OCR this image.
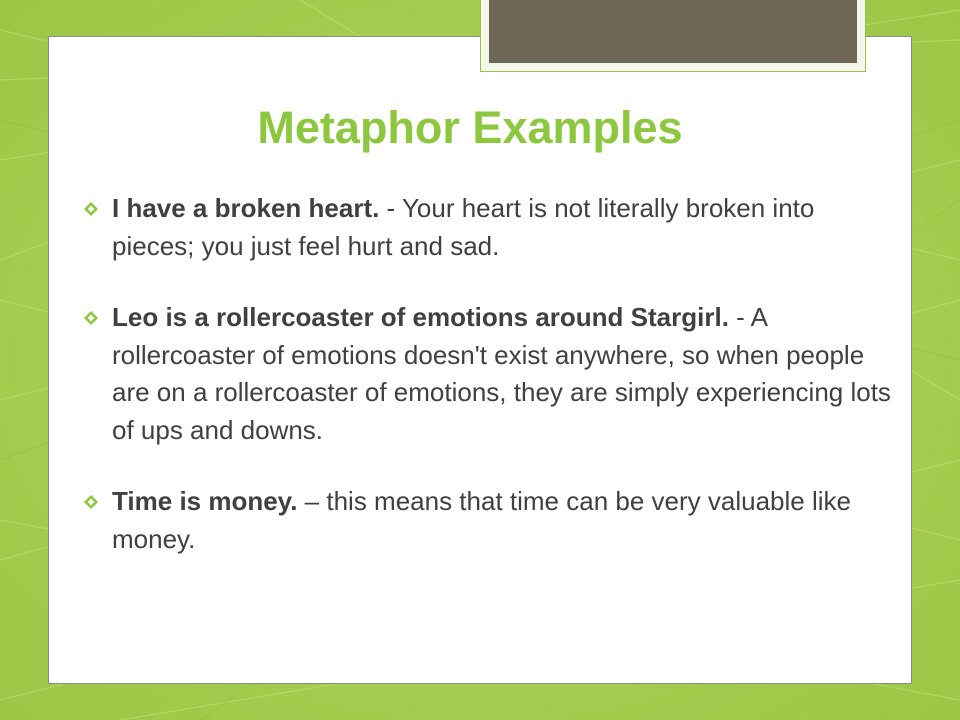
Metaphor Examples
I have a broken heart. - Your heart is not literally broken into pieces; you just feel hurt and sad.
Leo is a rollercoaster of emotions around Stargirl. - A rollercoaster of emotions doesn't exist anywhere, so when people are on a rollercoaster of emotions, they are simply experiencing lots of ups and downs.
Time is money. – this means that time can be very valuable like money.
